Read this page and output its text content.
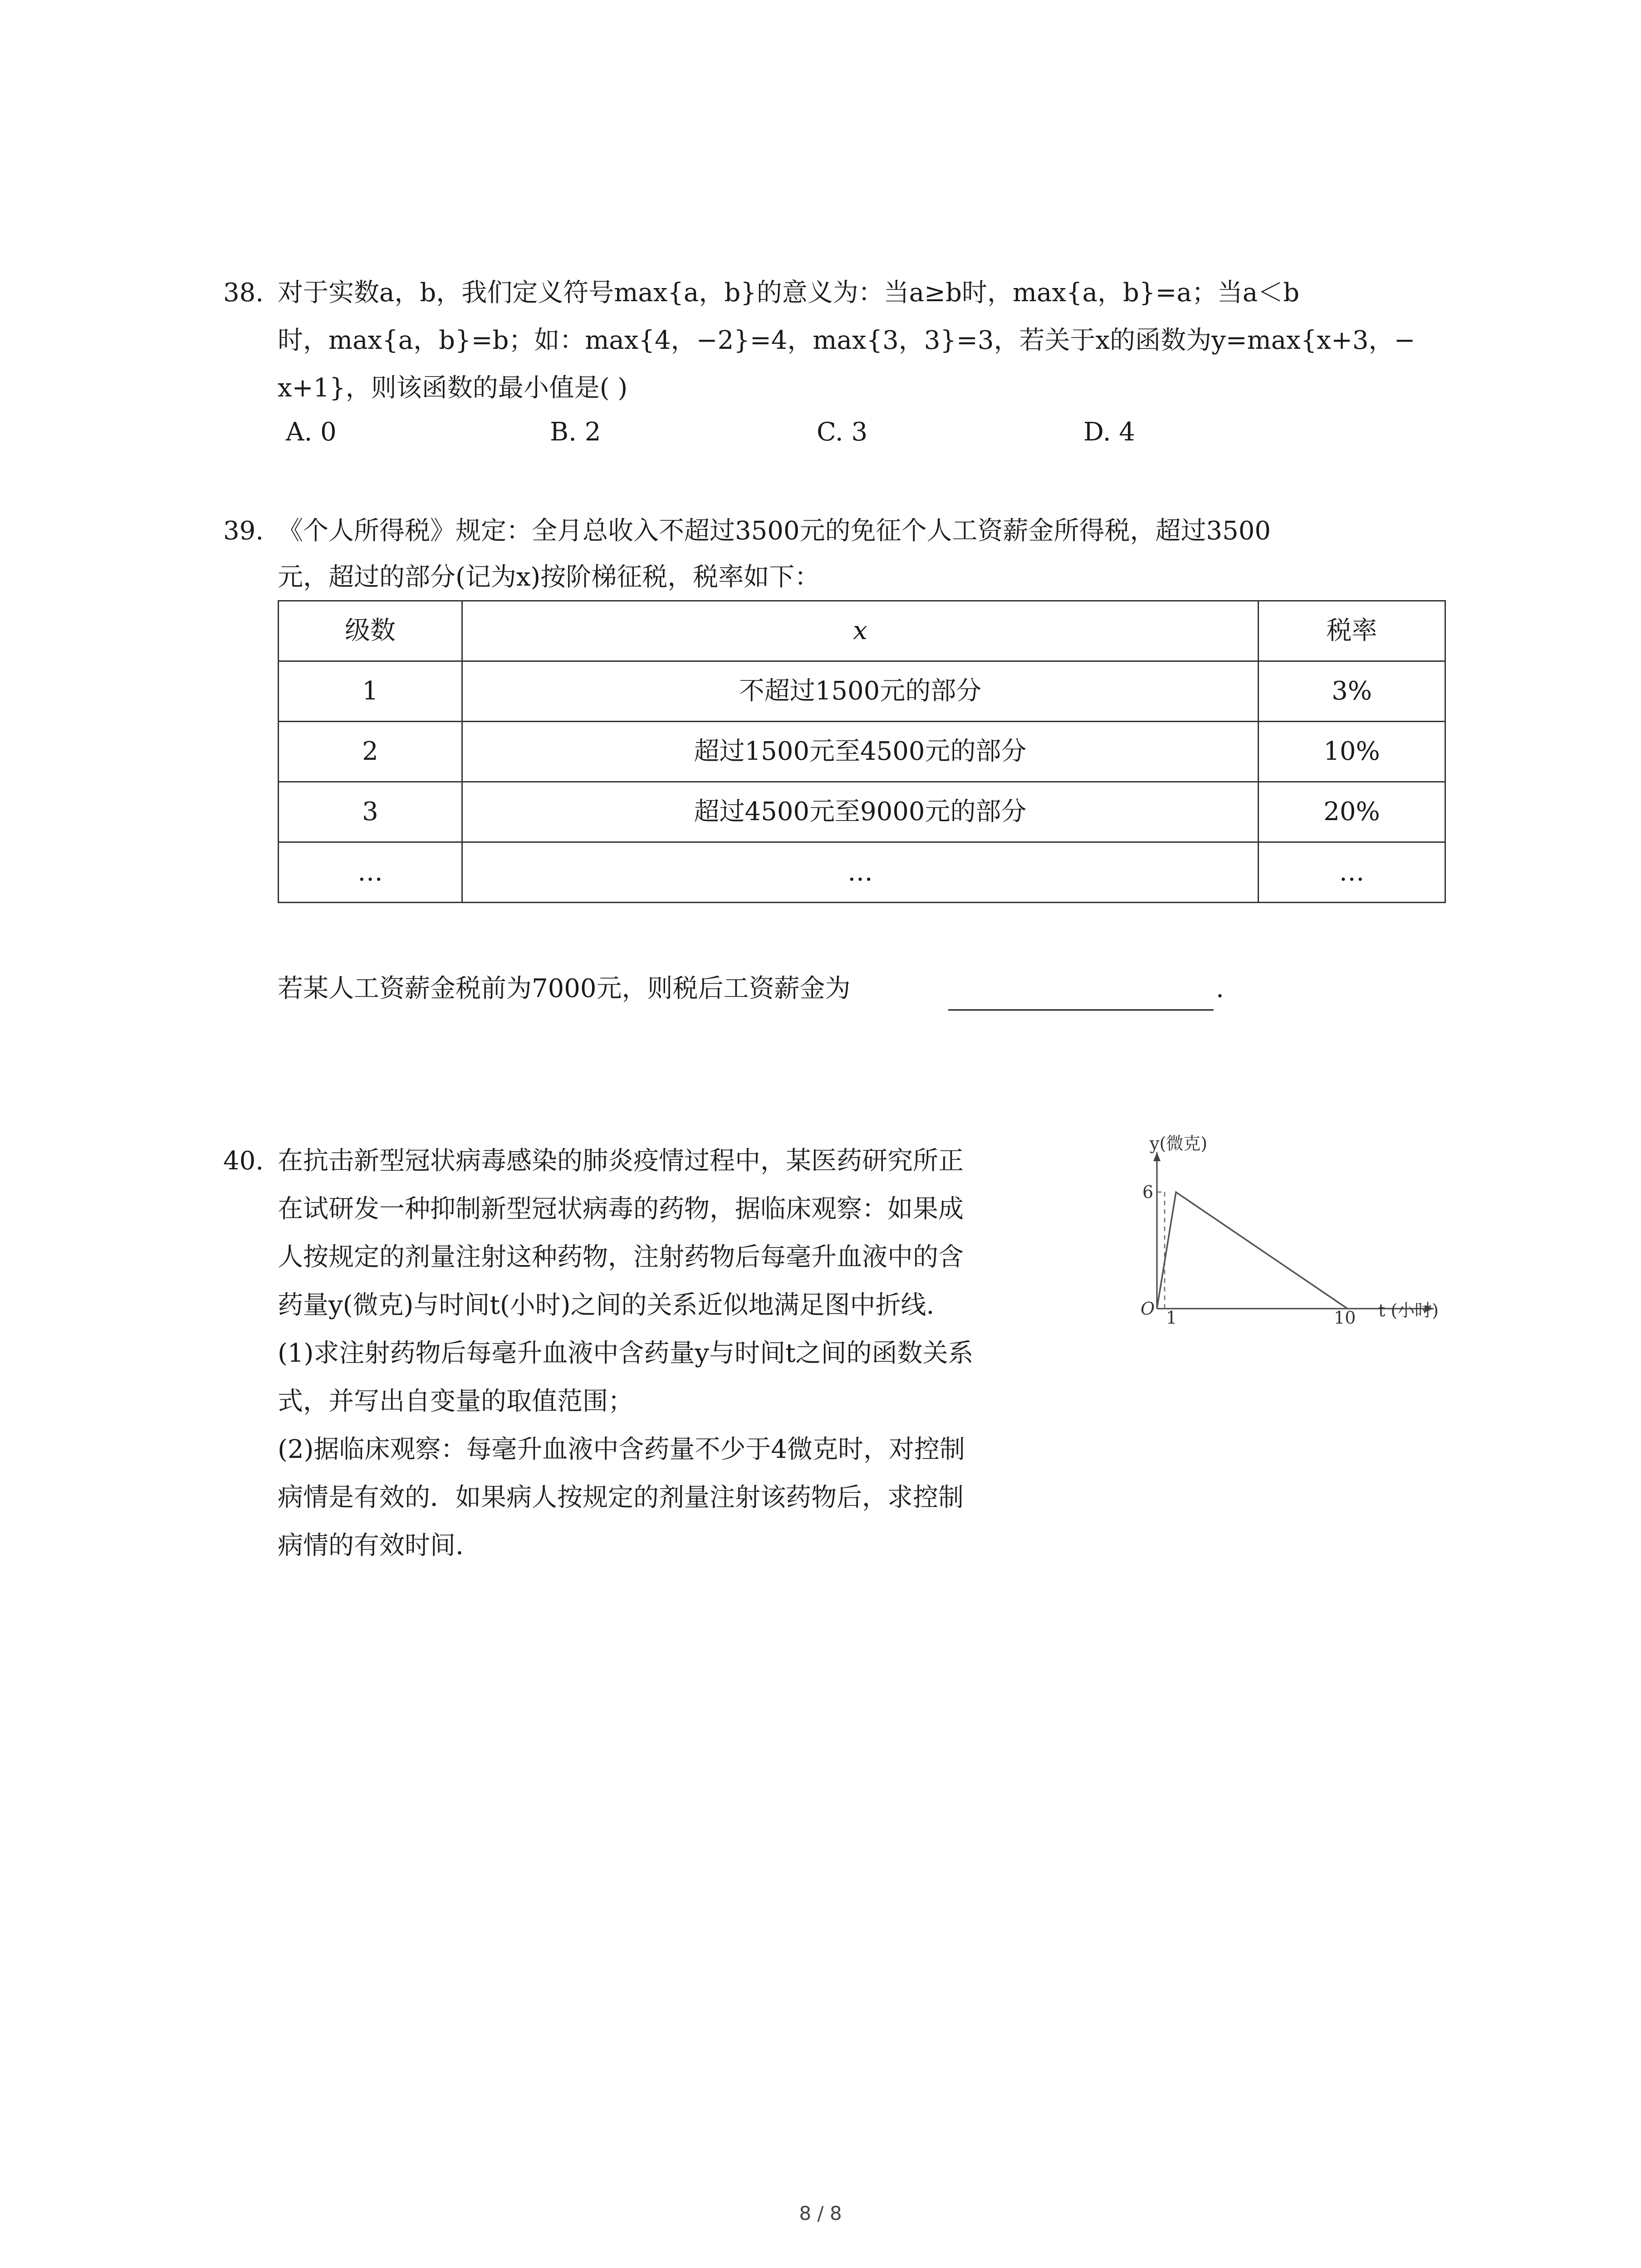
38. 对于实数a，b，我们定义符号max{a，b}的意义为：当a≥b时，max{a，b}=a；当a＜b
时，max{a，b}=b；如：max{4，−2}=4，max{3，3}=3，若关于x的函数为y=max{x+3，−
x+1}，则该函数的最小值是( )
A. 0	B. 2	C. 3	D. 4
39. 《个人所得税》规定：全月总收入不超过3500元的免征个人工资薪金所得税，超过3500
元，超过的部分(记为x)按阶梯征税，税率如下：
级数	x	税率
1	不超过1500元的部分	3%
2	超过1500元至4500元的部分	10%
3	超过4500元至9000元的部分	20%
…	…	…
若某人工资薪金税前为7000元，则税后工资薪金为	.
40. 在抗击新型冠状病毒感染的肺炎疫情过程中，某医药研究所正
在试研发一种抑制新型冠状病毒的药物，据临床观察：如果成
人按规定的剂量注射这种药物，注射药物后每毫升血液中的含
药量y(微克)与时间t(小时)之间的关系近似地满足图中折线.
(1)求注射药物后每毫升血液中含药量y与时间t之间的函数关系
式，并写出自变量的取值范围；
(2)据临床观察：每毫升血液中含药量不少于4微克时，对控制
病情是有效的．如果病人按规定的剂量注射该药物后，求控制
病情的有效时间.
y(微克)
t (小时)
O
6
1	10
8 / 8
